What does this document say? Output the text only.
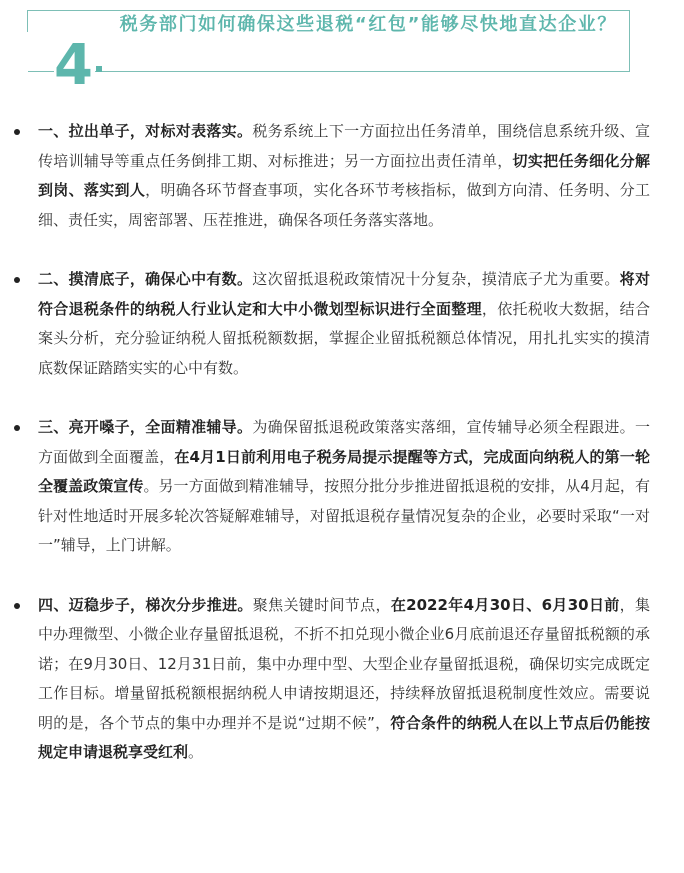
4
税务部门如何确保这些退税“红包”能够尽快地直达企业？
一、拉出单子，对标对表落实。税务系统上下一方面拉出任务清单，围绕信息系统升级、宣传培训辅导等重点任务倒排工期、对标推进；另一方面拉出责任清单，切实把任务细化分解到岗、落实到人，明确各环节督查事项，实化各环节考核指标，做到方向清、任务明、分工细、责任实，周密部署、压茬推进，确保各项任务落实落地。
二、摸清底子，确保心中有数。这次留抵退税政策情况十分复杂，摸清底子尤为重要。将对符合退税条件的纳税人行业认定和大中小微划型标识进行全面整理，依托税收大数据，结合案头分析，充分验证纳税人留抵税额数据，掌握企业留抵税额总体情况，用扎扎实实的摸清底数保证踏踏实实的心中有数。
三、亮开嗓子，全面精准辅导。为确保留抵退税政策落实落细，宣传辅导必须全程跟进。一方面做到全面覆盖，在4月1日前利用电子税务局提示提醒等方式，完成面向纳税人的第一轮全覆盖政策宣传。另一方面做到精准辅导，按照分批分步推进留抵退税的安排，从4月起，有针对性地适时开展多轮次答疑解难辅导，对留抵退税存量情况复杂的企业，必要时采取“一对一”辅导，上门讲解。
四、迈稳步子，梯次分步推进。聚焦关键时间节点，在2022年4月30日、6月30日前，集中办理微型、小微企业存量留抵退税，不折不扣兑现小微企业6月底前退还存量留抵税额的承诺；在9月30日、12月31日前，集中办理中型、大型企业存量留抵退税，确保切实完成既定工作目标。增量留抵税额根据纳税人申请按期退还，持续释放留抵退税制度性效应。需要说明的是，各个节点的集中办理并不是说“过期不候”，符合条件的纳税人在以上节点后仍能按规定申请退税享受红利。
